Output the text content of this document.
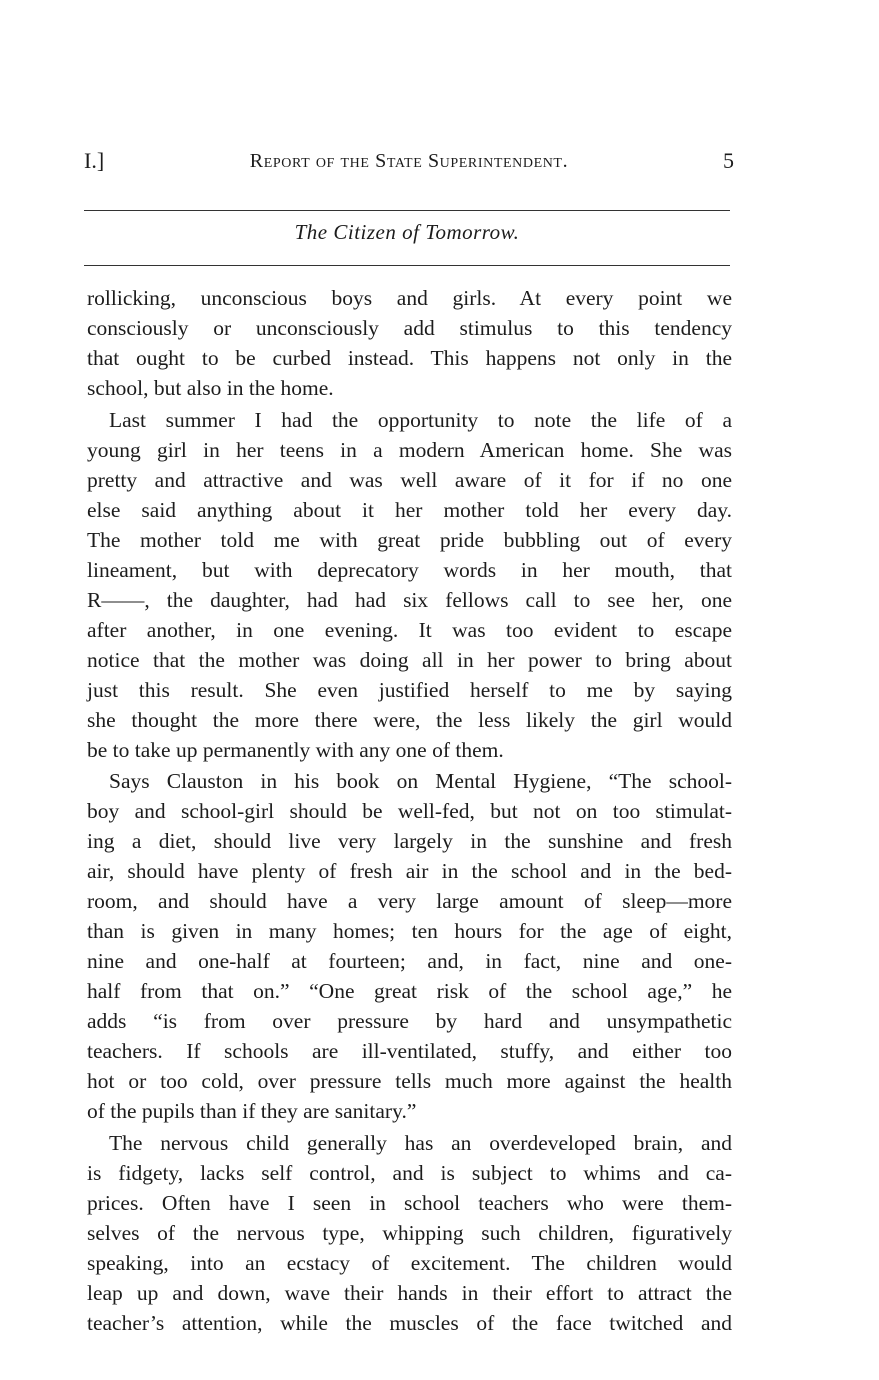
I.]	Report of the State Superintendent.	5
The Citizen of Tomorrow.
rollicking, unconscious boys and girls. At every point we
consciously or unconsciously add stimulus to this tendency
that ought to be curbed instead. This happens not only in the
school, but also in the home.
Last summer I had the opportunity to note the life of a
young girl in her teens in a modern American home. She was
pretty and attractive and was well aware of it for if no one
else said anything about it her mother told her every day.
The mother told me with great pride bubbling out of every
lineament, but with deprecatory words in her mouth, that
R——, the daughter, had had six fellows call to see her, one
after another, in one evening. It was too evident to escape
notice that the mother was doing all in her power to bring about
just this result. She even justified herself to me by saying
she thought the more there were, the less likely the girl would
be to take up permanently with any one of them.
Says Clauston in his book on Mental Hygiene, “The school-
boy and school-girl should be well-fed, but not on too stimulat-
ing a diet, should live very largely in the sunshine and fresh
air, should have plenty of fresh air in the school and in the bed-
room, and should have a very large amount of sleep—more
than is given in many homes; ten hours for the age of eight,
nine and one-half at fourteen; and, in fact, nine and one-
half from that on.” “One great risk of the school age,” he
adds “is from over pressure by hard and unsympathetic
teachers. If schools are ill-ventilated, stuffy, and either too
hot or too cold, over pressure tells much more against the health
of the pupils than if they are sanitary.”
The nervous child generally has an overdeveloped brain, and
is fidgety, lacks self control, and is subject to whims and ca-
prices. Often have I seen in school teachers who were them-
selves of the nervous type, whipping such children, figuratively
speaking, into an ecstacy of excitement. The children would
leap up and down, wave their hands in their effort to attract the
teacher’s attention, while the muscles of the face twitched and
